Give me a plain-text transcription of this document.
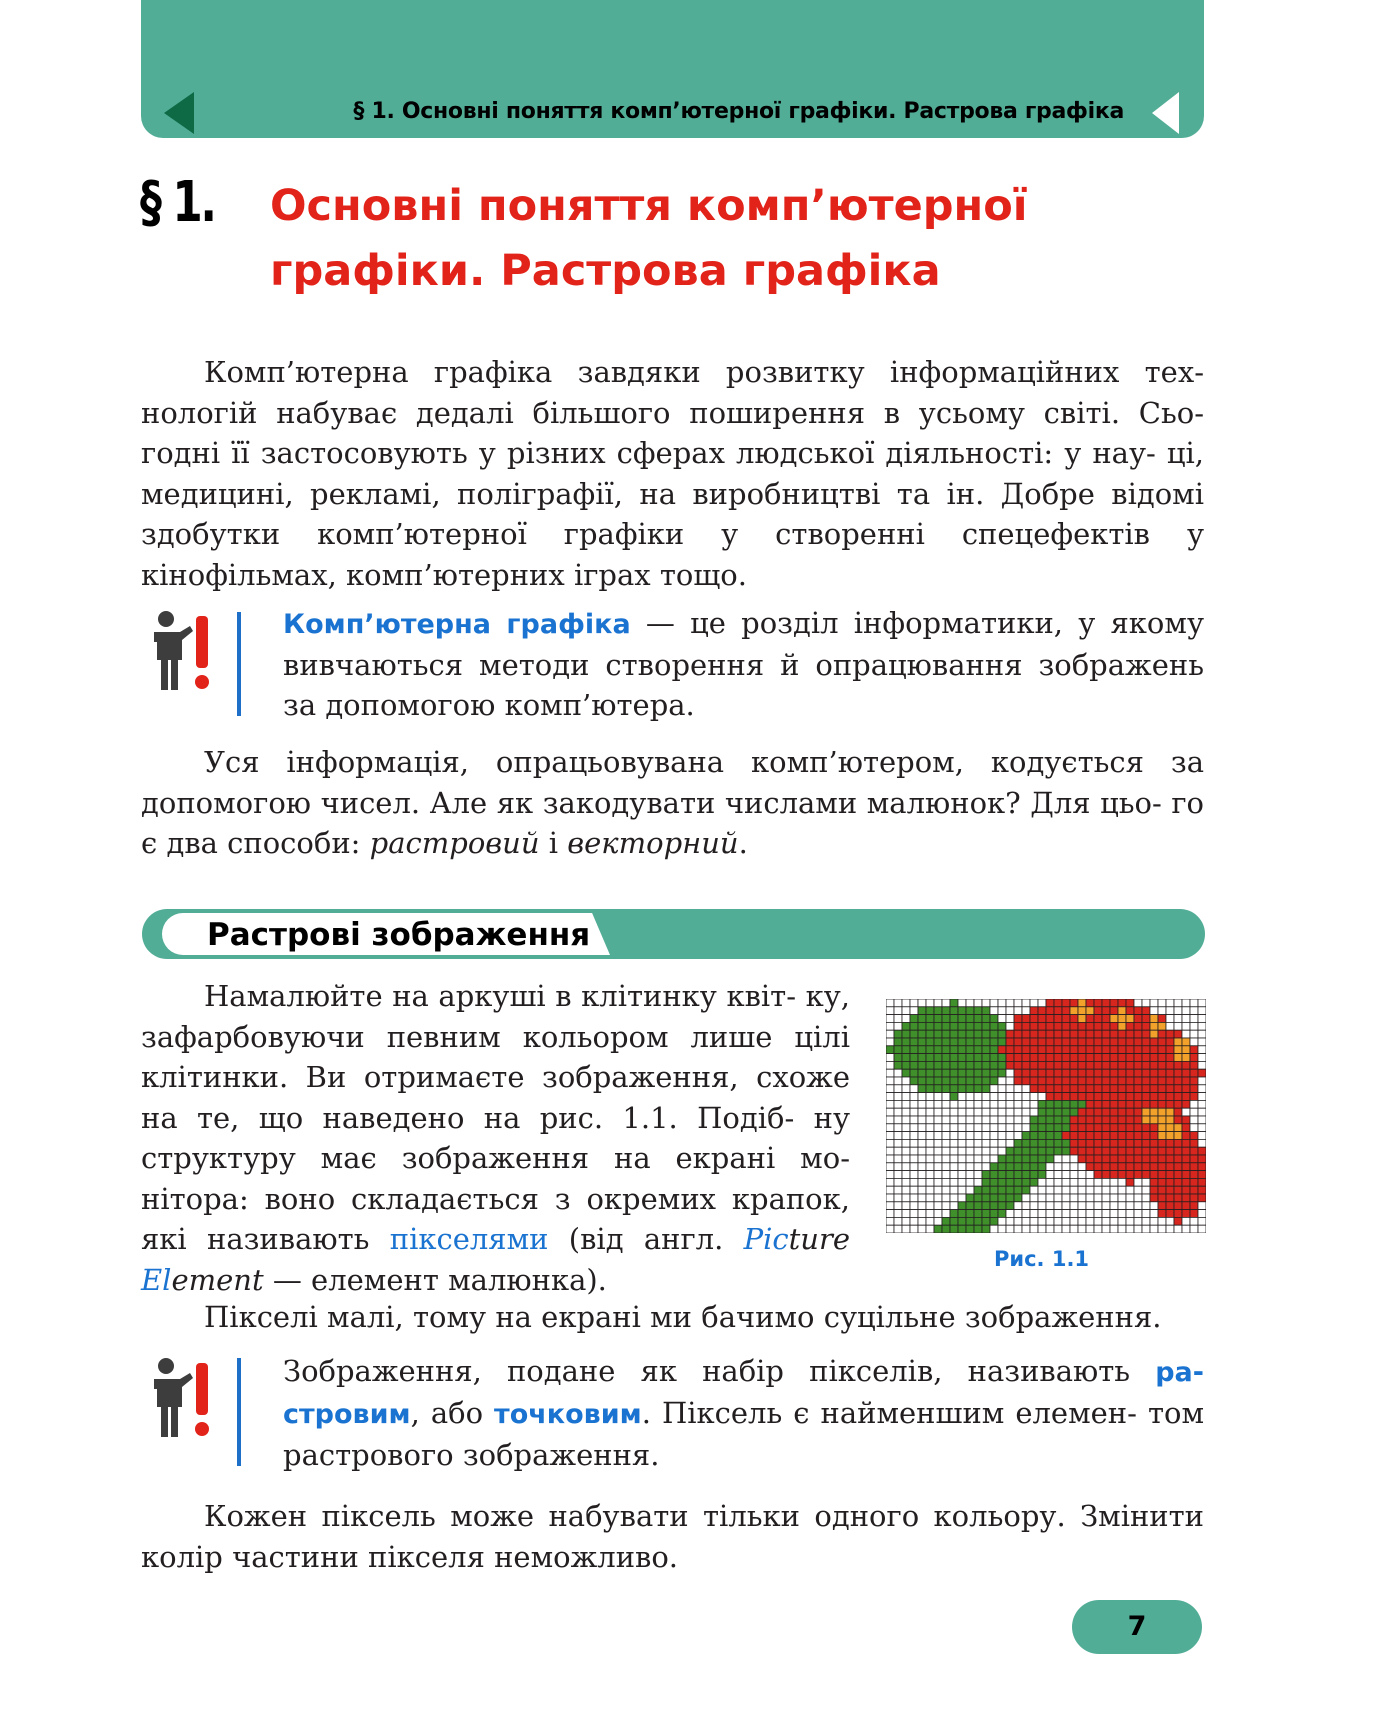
§ 1. Основні поняття комп’ютерної графіки. Растрова графіка

§ 1. Основні поняття комп’ютерної
графіки. Растрова графіка

Комп’ютерна графіка завдяки розвитку інформаційних тех- нологій набуває дедалі більшого поширення в усьому світі. Сьо- годні її застосовують у різних сферах людської діяльності: у нау- ці, медицині, рекламі, поліграфії, на виробництві та ін. Добре відомі здобутки комп’ютерної графіки у створенні спецефектів у кінофільмах, комп’ютерних іграх тощо.

Комп’ютерна графіка — це розділ інформатики, у якому вивчаються методи створення й опрацювання зображень за допомогою комп’ютера.

Уся інформація, опрацьовувана комп’ютером, кодується за допомогою чисел. Але як закодувати числами малюнок? Для цьо- го є два способи: растровий і векторний.

Растрові зображення

Намалюйте на аркуші в клітинку квіт- ку, зафарбовуючи певним кольором лише цілі клітинки. Ви отримаєте зображення, схоже на те, що наведено на рис. 1.1. Подіб- ну структуру має зображення на екрані мо- нітора: воно складається з окремих крапок, які називають пікселями (від англ. Picture Element — елемент малюнка).

Пікселі малі, тому на екрані ми бачимо суцільне зображення.

Рис. 1.1

Зображення, подане як набір пікселів, називають ра- стровим, або точковим. Піксель є найменшим елемен- том растрового зображення.

Кожен піксель може набувати тільки одного кольору. Змінити колір частини пікселя неможливо.

7
